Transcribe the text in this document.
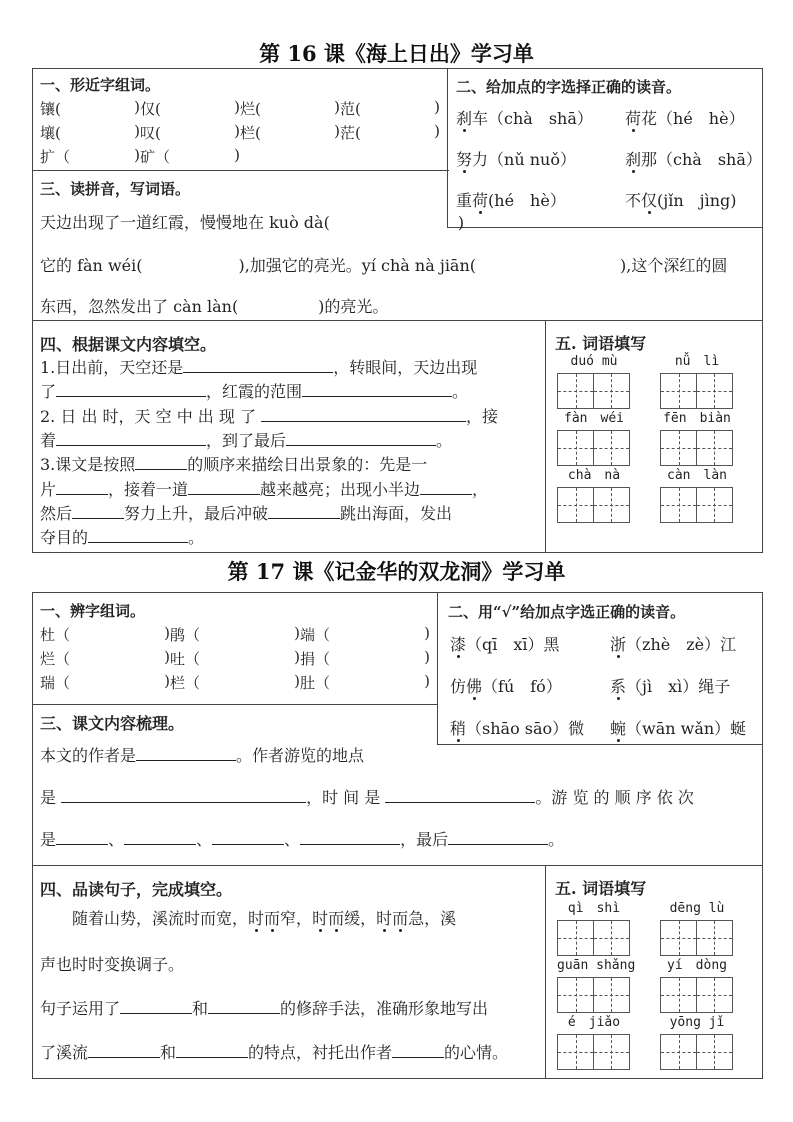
第 16 课《海上日出》学习单
一、形近字组词。
镶(	) 仅(	) 烂(	) 范(	)
壤(	) 叹(	) 栏(	) 茫(	)
扩（	) 矿（	)
二、给加点的字选择正确的读音。
刹车（chà　shā） 荷花（hé　hè）
努力（nǔ nuǒ）	刹那（chà　shā）
重荷(hé　hè）	不仅(jǐn　jìng)
三、读拼音，写词语。
天边出现了一道红霞，慢慢地在 kuò dà(　　　　　　　　)
它的 fàn wéi(　　　　　　),加强它的亮光。yí chà nà jiān(　　　　　　　　　),这个深红的圆
东西，忽然发出了 càn làn(　　　　　)的亮光。
四、根据课文内容填空。
1.日出前，天空还是	，转眼间，天边出现
了	，红霞的范围	。
2. 日 出 时，天 空 中 出 现 了	，接
着	，到了最后	。
3.课文是按照	的顺序来描绘日出景象的：先是一
片	，接着一道	越来越亮；出现小半边	，
然后	努力上升，最后冲破	跳出海面，发出
夺目的	。
五. 词语填写
duó mù	nǚ　lì
fàn　wéi	fēn　biàn
chà　nà	càn　làn
第 17 课《记金华的双龙洞》学习单
一、辨字组词。
杜（	) 鹃（	) 端（	)
烂（	) 吐（	) 捐（	)
瑞（	) 栏（	) 肚（	)
二、用“√”给加点字选正确的读音。
漆（qī　xī）黑	浙（zhè　zè）江
仿佛（fú　fó）	系（jì　xì）绳子
稍（shāo sāo）微 蜿（wān wǎn）蜒
三、课文内容梳理。
本文的作者是	。作者游览的地点
是	，时 间 是	。游 览 的 顺 序 依 次
是	、	、	、	，最后	。
四、品读句子，完成填空。
　　随着山势，溪流时而宽，时而窄，时而缓，时而急，溪
声也时时变换调子。
句子运用了	和	的修辞手法，准确形象地写出
了溪流	和	的特点，衬托出作者	的心情。
五. 词语填写
qì　shì	dēng lù
guān shǎng	yí　dòng
é　jiǎo	yōng jǐ
